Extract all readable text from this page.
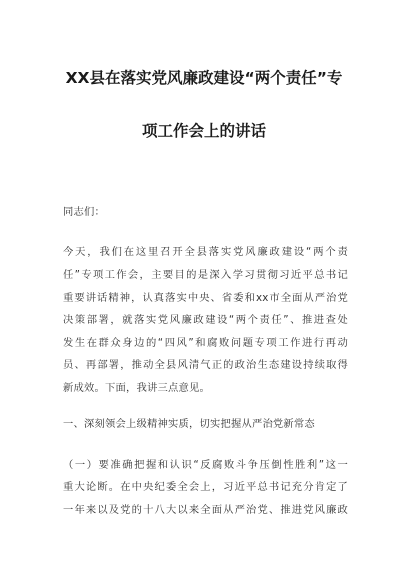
XX县在落实党风廉政建设“两个责任”专
项工作会上的讲话
同志们：
今天，我们在这里召开全县落实党风廉政建设“两个责
任”专项工作会，主要目的是深入学习贯彻习近平总书记
重要讲话精神，认真落实中央、省委和xx市全面从严治党
决策部署，就落实党风廉政建设“两个责任”、推进查处
发生在群众身边的“四风”和腐败问题专项工作进行再动
员、再部署，推动全县风清气正的政治生态建设持续取得
新成效。下面，我讲三点意见。
一、深刻领会上级精神实质，切实把握从严治党新常态
（一）要准确把握和认识“反腐败斗争压倒性胜利”这一
重大论断。在中央纪委全会上，习近平总书记充分肯定了
一年来以及党的十八大以来全面从严治党、推进党风廉政
